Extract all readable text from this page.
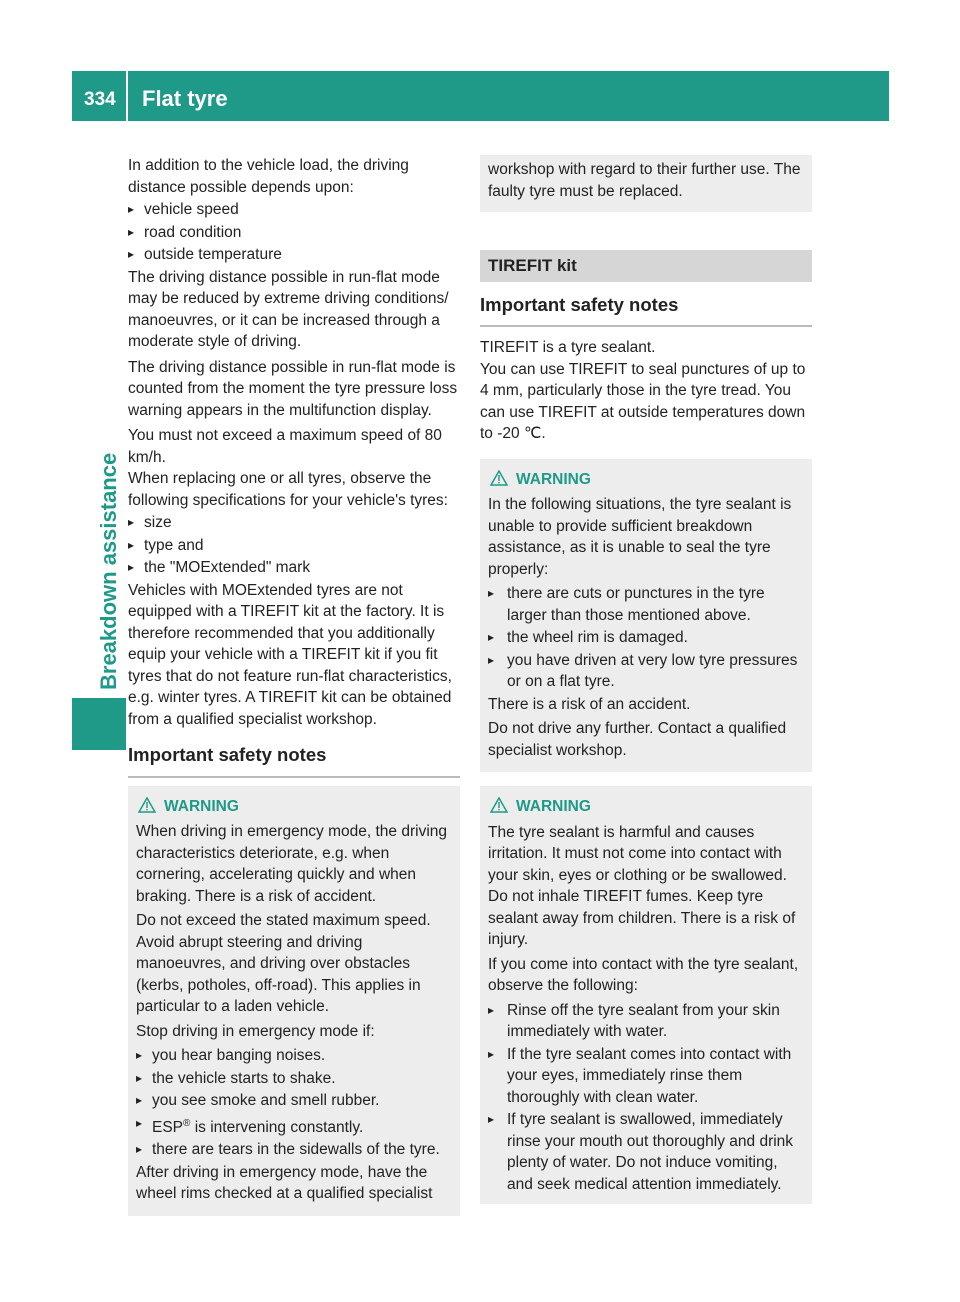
334 Flat tyre
Breakdown assistance

In addition to the vehicle load, the driving distance possible depends upon:

▸ vehicle speed
▸ road condition
▸ outside temperature

The driving distance possible in run-flat mode may be reduced by extreme driving conditions/ manoeuvres, or it can be increased through a moderate style of driving.

The driving distance possible in run-flat mode is counted from the moment the tyre pressure loss warning appears in the multifunction display.

You must not exceed a maximum speed of 80 km/h.

When replacing one or all tyres, observe the following specifications for your vehicle's tyres:

▸ size
▸ type and
▸ the "MOExtended" mark

Vehicles with MOExtended tyres are not equipped with a TIREFIT kit at the factory. It is therefore recommended that you additionally equip your vehicle with a TIREFIT kit if you fit tyres that do not feature run-flat characteristics, e.g. winter tyres. A TIREFIT kit can be obtained from a qualified specialist workshop.

Important safety notes
WARNING

When driving in emergency mode, the driving characteristics deteriorate, e.g. when cornering, accelerating quickly and when braking. There is a risk of accident.

Do not exceed the stated maximum speed. Avoid abrupt steering and driving manoeuvres, and driving over obstacles (kerbs, potholes, off-road). This applies in particular to a laden vehicle.

Stop driving in emergency mode if:

▸ you hear banging noises.
▸ the vehicle starts to shake.
▸ you see smoke and smell rubber.
▸ ESP® is intervening constantly.
▸ there are tears in the sidewalls of the tyre.

After driving in emergency mode, have the wheel rims checked at a qualified specialist

workshop with regard to their further use. The faulty tyre must be replaced.

TIREFIT kit
Important safety notes

TIREFIT is a tyre sealant.

You can use TIREFIT to seal punctures of up to 4 mm, particularly those in the tyre tread. You can use TIREFIT at outside temperatures down to -20 ℃.

WARNING

In the following situations, the tyre sealant is unable to provide sufficient breakdown assistance, as it is unable to seal the tyre properly:

▸ there are cuts or punctures in the tyre larger than those mentioned above.
▸ the wheel rim is damaged.
▸ you have driven at very low tyre pressures or on a flat tyre.

There is a risk of an accident.

Do not drive any further. Contact a qualified specialist workshop.

WARNING

The tyre sealant is harmful and causes irritation. It must not come into contact with your skin, eyes or clothing or be swallowed. Do not inhale TIREFIT fumes. Keep tyre sealant away from children. There is a risk of injury.

If you come into contact with the tyre sealant, observe the following:

▸ Rinse off the tyre sealant from your skin immediately with water.
▸ If the tyre sealant comes into contact with your eyes, immediately rinse them thoroughly with clean water.
▸ If tyre sealant is swallowed, immediately rinse your mouth out thoroughly and drink plenty of water. Do not induce vomiting, and seek medical attention immediately.
